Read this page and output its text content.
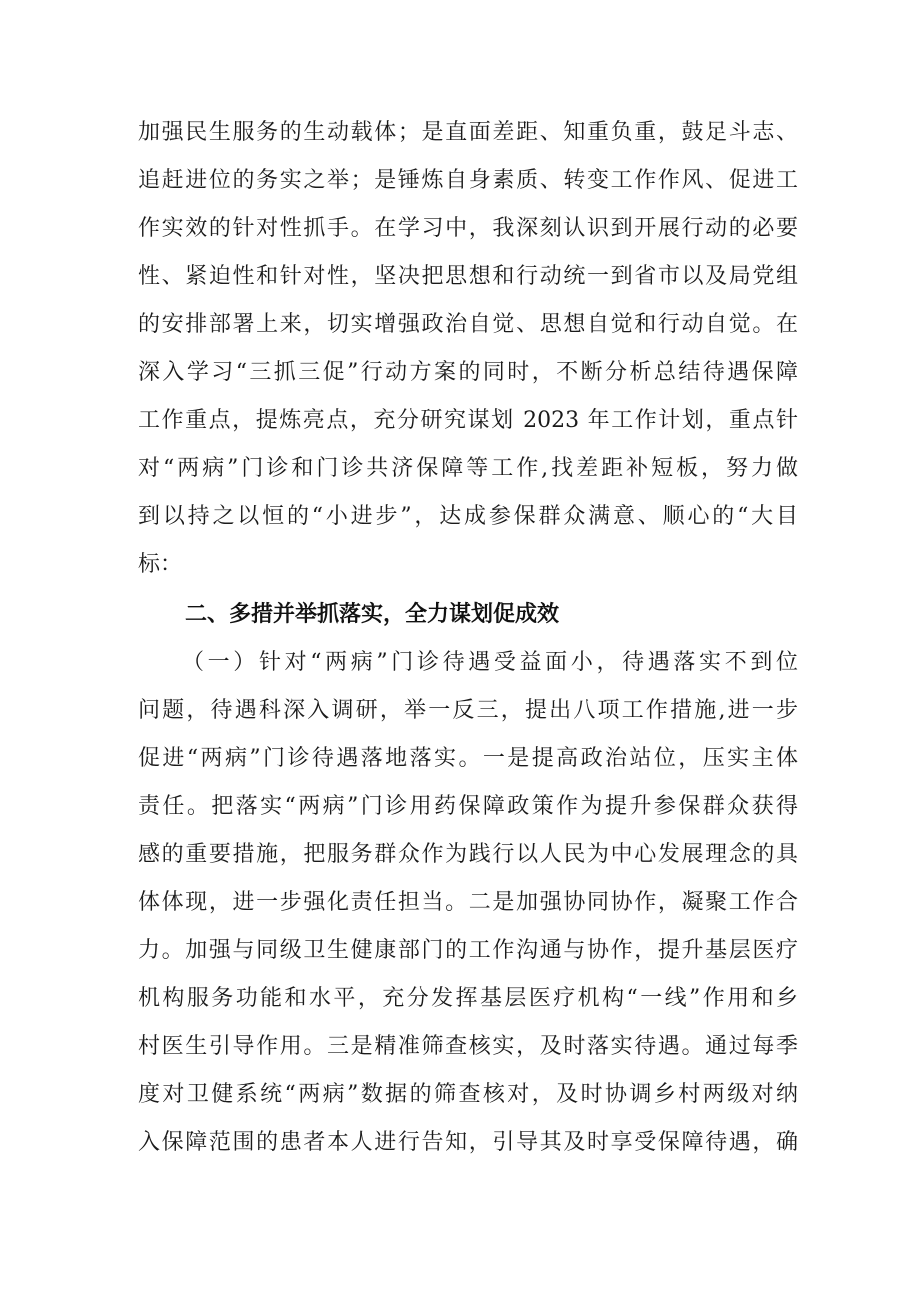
加强民生服务的生动载体；是直面差距、知重负重，鼓足斗志、
追赶进位的务实之举；是锤炼自身素质、转变工作作风、促进工
作实效的针对性抓手。在学习中，我深刻认识到开展行动的必要
性、紧迫性和针对性，坚决把思想和行动统一到省市以及局党组
的安排部署上来，切实增强政治自觉、思想自觉和行动自觉。在
深入学习“三抓三促”行动方案的同时，不断分析总结待遇保障
工作重点，提炼亮点，充分研究谋划 2023 年工作计划，重点针
对“两病”门诊和门诊共济保障等工作,找差距补短板，努力做
到以持之以恒的“小进步”，达成参保群众满意、顺心的“大目
标：
二、多措并举抓落实，全力谋划促成效
（一）针对“两病”门诊待遇受益面小，待遇落实不到位
问题，待遇科深入调研，举一反三，提出八项工作措施,进一步
促进“两病”门诊待遇落地落实。一是提高政治站位，压实主体
责任。把落实“两病”门诊用药保障政策作为提升参保群众获得
感的重要措施，把服务群众作为践行以人民为中心发展理念的具
体体现，进一步强化责任担当。二是加强协同协作，凝聚工作合
力。加强与同级卫生健康部门的工作沟通与协作，提升基层医疗
机构服务功能和水平，充分发挥基层医疗机构“一线”作用和乡
村医生引导作用。三是精准筛查核实，及时落实待遇。通过每季
度对卫健系统“两病”数据的筛查核对，及时协调乡村两级对纳
入保障范围的患者本人进行告知，引导其及时享受保障待遇，确
